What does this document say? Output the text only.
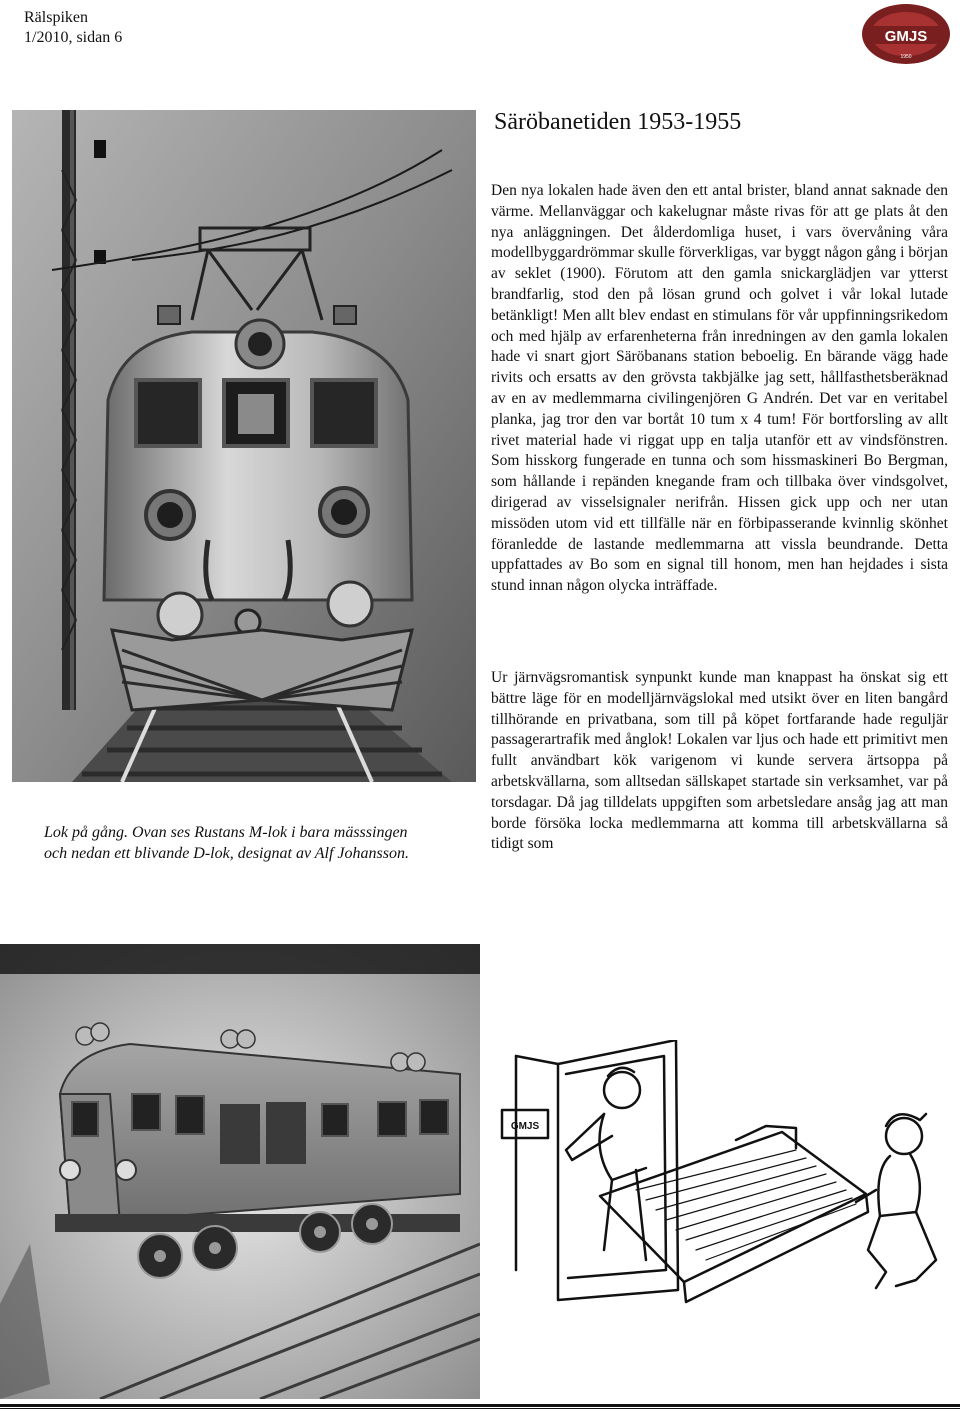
Rälspiken
1/2010, sidan 6	GMJS
1950
Säröbanetiden 1953-1955
Den nya lokalen hade även den ett antal brister, bland annat saknade den värme. Mellanväggar och kakelugnar måste rivas för att ge plats åt den nya anläggningen. Det ålderdomliga huset, i vars övervåning våra modellbyggardrömmar skulle förverkligas, var byggt någon gång i början av seklet (1900). Förutom att den gamla snickarglädjen var ytterst brandfarlig, stod den på lösan grund och golvet i vår lokal lutade betänkligt! Men allt blev endast en stimulans för vår uppfinningsrikedom och med hjälp av erfarenheterna från inredningen av den gamla lokalen hade vi snart gjort Säröbanans station beboelig. En bärande vägg hade rivits och ersatts av den grövsta takbjälke jag sett, hållfasthetsberäknad av en av medlemmarna civilingenjören G Andrén. Det var en veritabel planka, jag tror den var bortåt 10 tum x 4 tum! För bortforsling av allt rivet material hade vi riggat upp en talja utanför ett av vindsfönstren. Som hisskorg fungerade en tunna och som hissmaskineri Bo Bergman, som hållande i repänden knegande fram och tillbaka över vindsgolvet, dirigerad av visselsignaler nerifrån. Hissen gick upp och ner utan missöden utom vid ett tillfälle när en förbipasserande kvinnlig skönhet föranledde de lastande medlemmarna att vissla beundrande. Detta uppfattades av Bo som en signal till honom, men han hejdades i sista stund innan någon olycka inträffade.
Lok på gång. Ovan ses Rustans M-lok i bara mässsingen och nedan ett blivande D-lok, designat av Alf Johansson.
Ur järnvägsromantisk synpunkt kunde man knappast ha önskat sig ett bättre läge för en modelljärnvägslokal med utsikt över en liten bangård tillhörande en privatbana, som till på köpet fortfarande hade reguljär passagerartrafik med ånglok! Lokalen var ljus och hade ett primitivt men fullt användbart kök varigenom vi kunde servera ärtsoppa på arbetskvällarna, som alltsedan sällskapet startade sin verksamhet, var på torsdagar. Då jag tilldelats uppgiften som arbetsledare ansåg jag att man borde försöka locka medlemmarna att komma till arbetskvällarna så tidigt som
GMJS
